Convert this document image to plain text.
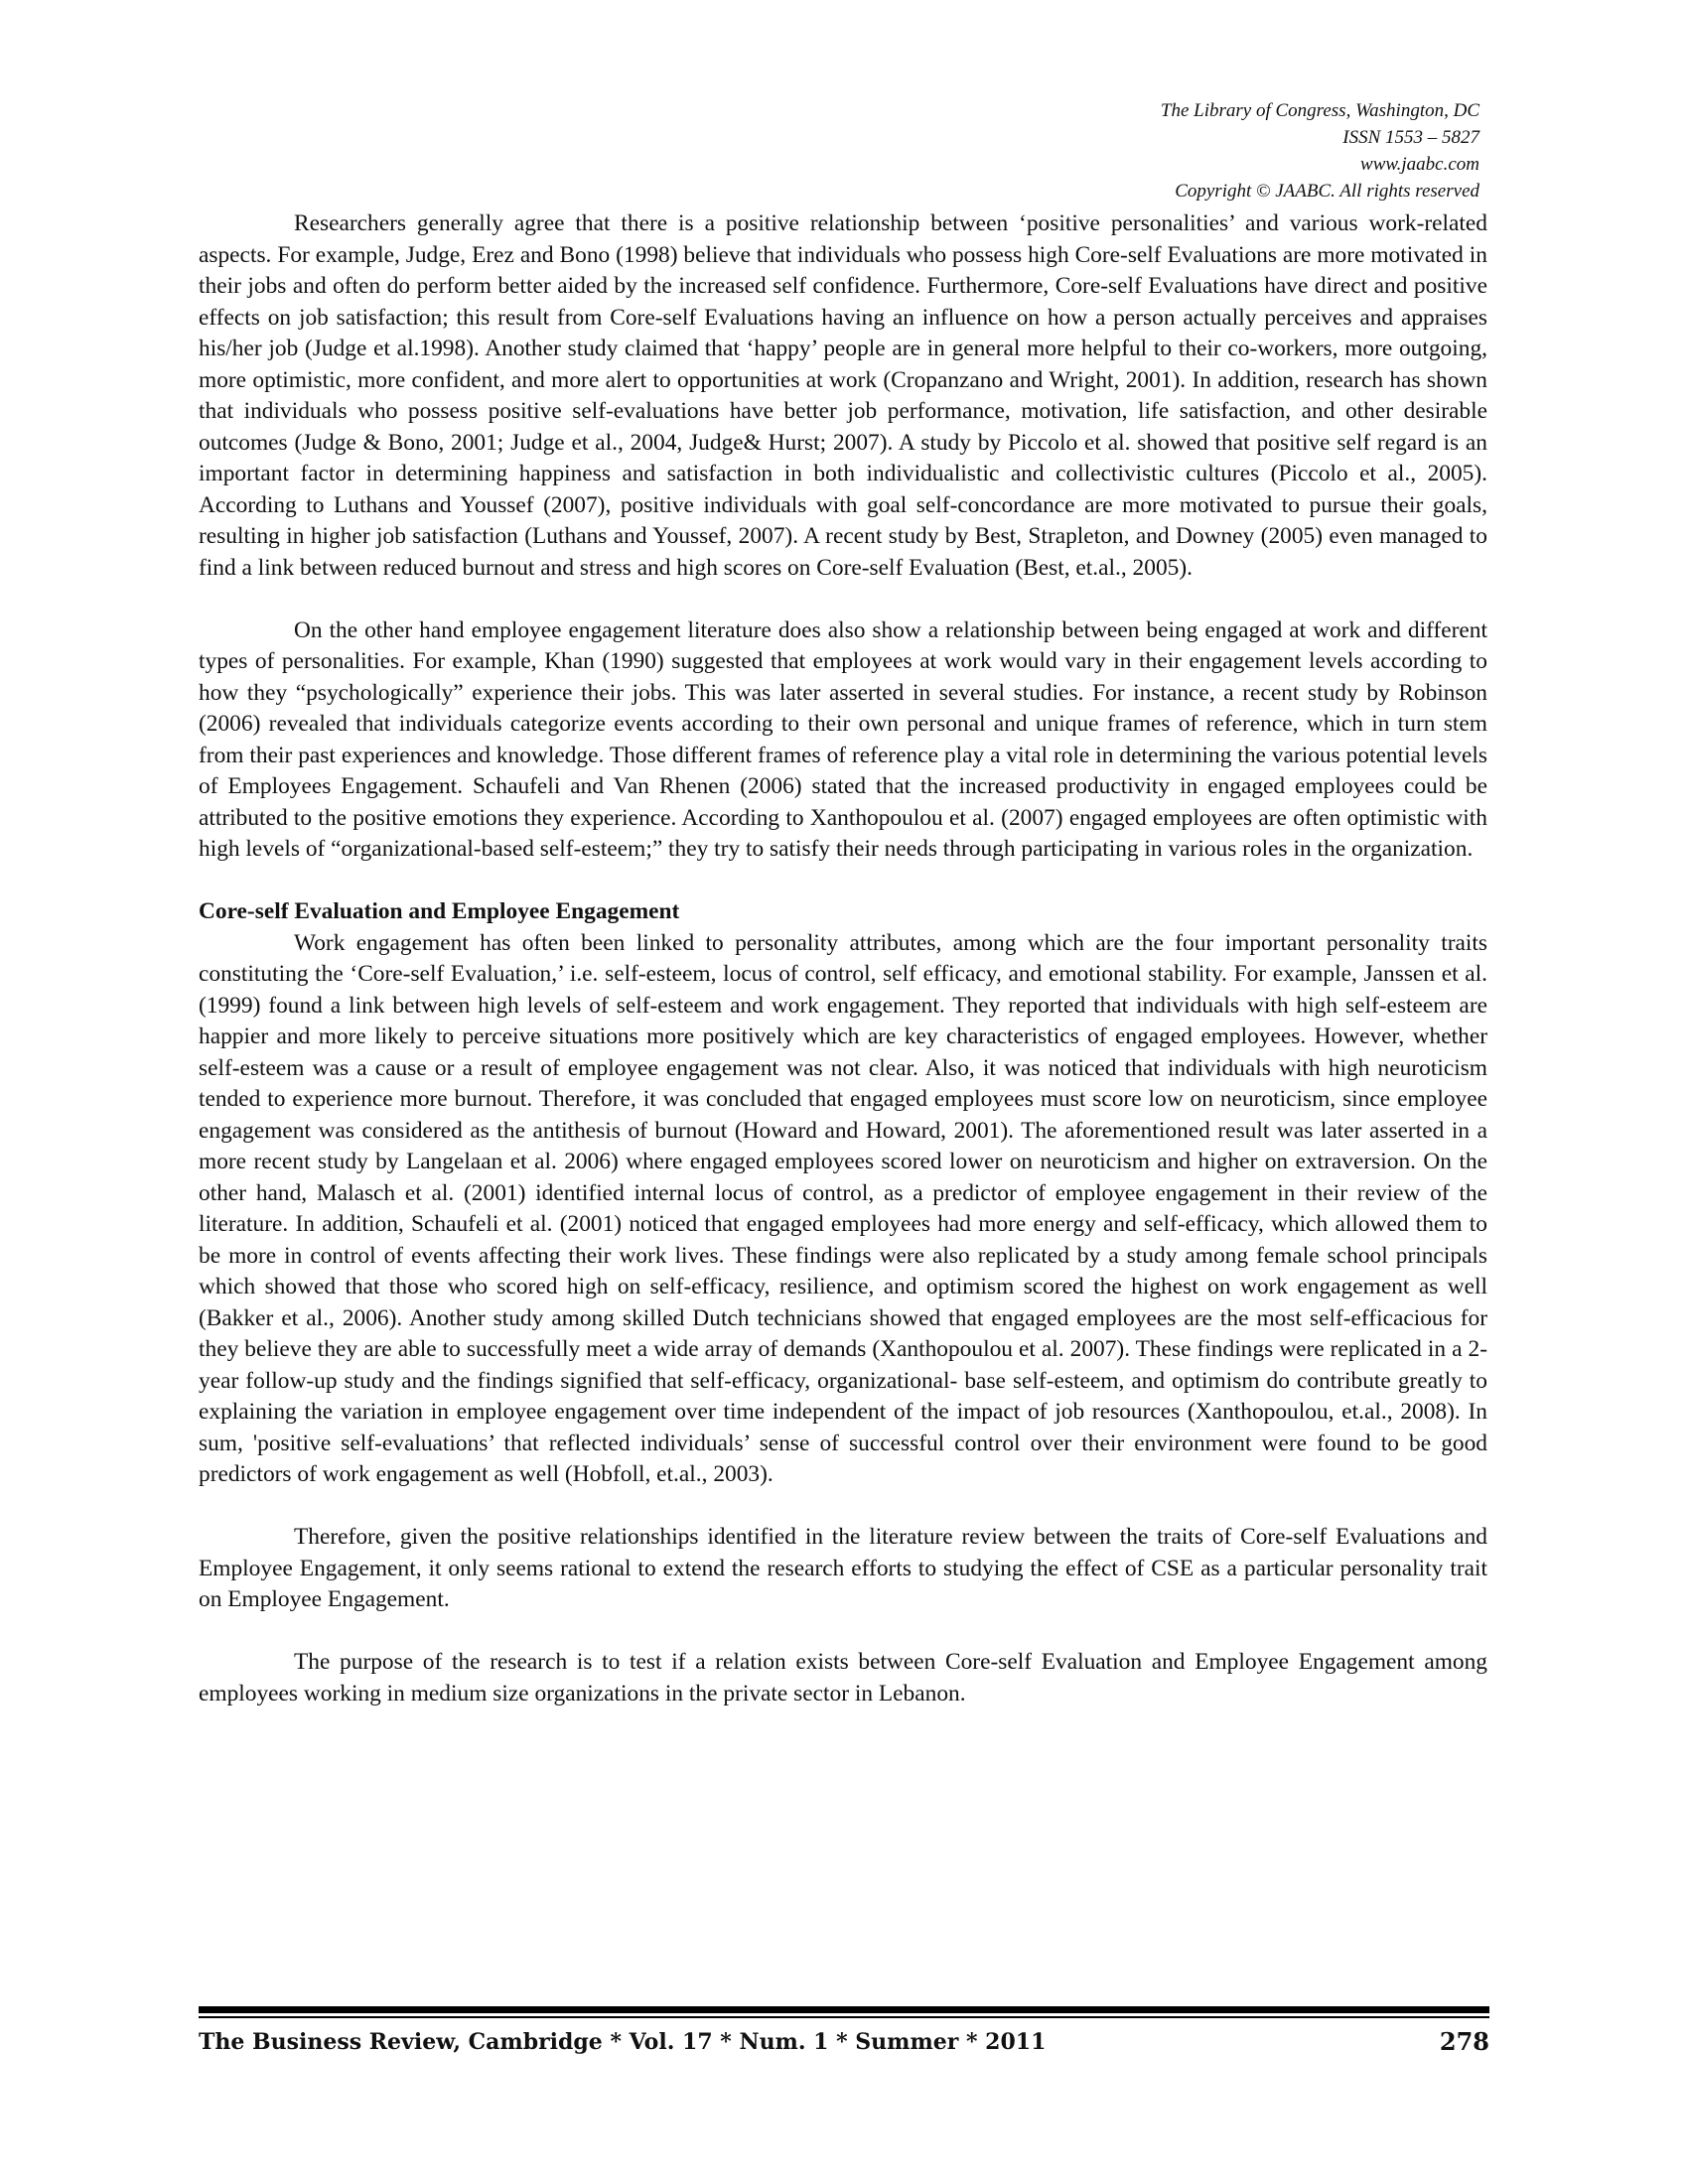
The Library of Congress, Washington, DC
ISSN 1553 – 5827
www.jaabc.com
Copyright © JAABC. All rights reserved

Researchers generally agree that there is a positive relationship between ‘positive personalities’ and various work-related aspects. For example, Judge, Erez and Bono (1998) believe that individuals who possess high Core-self Evaluations are more motivated in their jobs and often do perform better aided by the increased self confidence. Furthermore, Core-self Evaluations have direct and positive effects on job satisfaction; this result from Core-self Evaluations having an influence on how a person actually perceives and appraises his/her job (Judge et al.1998). Another study claimed that ‘happy’ people are in general more helpful to their co-workers, more outgoing, more optimistic, more confident, and more alert to opportunities at work (Cropanzano and Wright, 2001). In addition, research has shown that individuals who possess positive self-evaluations have better job performance, motivation, life satisfaction, and other desirable outcomes (Judge & Bono, 2001; Judge et al., 2004, Judge& Hurst; 2007). A study by Piccolo et al. showed that positive self regard is an important factor in determining happiness and satisfaction in both individualistic and collectivistic cultures (Piccolo et al., 2005). According to Luthans and Youssef (2007), positive individuals with goal self-concordance are more motivated to pursue their goals, resulting in higher job satisfaction (Luthans and Youssef, 2007). A recent study by Best, Strapleton, and Downey (2005) even managed to find a link between reduced burnout and stress and high scores on Core-self Evaluation (Best, et.al., 2005).

On the other hand employee engagement literature does also show a relationship between being engaged at work and different types of personalities. For example, Khan (1990) suggested that employees at work would vary in their engagement levels according to how they “psychologically” experience their jobs. This was later asserted in several studies. For instance, a recent study by Robinson (2006) revealed that individuals categorize events according to their own personal and unique frames of reference, which in turn stem from their past experiences and knowledge. Those different frames of reference play a vital role in determining the various potential levels of Employees Engagement. Schaufeli and Van Rhenen (2006) stated that the increased productivity in engaged employees could be attributed to the positive emotions they experience. According to Xanthopoulou et al. (2007) engaged employees are often optimistic with high levels of “organizational-based self-esteem;” they try to satisfy their needs through participating in various roles in the organization.

Core-self Evaluation and Employee Engagement

Work engagement has often been linked to personality attributes, among which are the four important personality traits constituting the ‘Core-self Evaluation,’ i.e. self-esteem, locus of control, self efficacy, and emotional stability. For example, Janssen et al. (1999) found a link between high levels of self-esteem and work engagement. They reported that individuals with high self-esteem are happier and more likely to perceive situations more positively which are key characteristics of engaged employees. However, whether self-esteem was a cause or a result of employee engagement was not clear. Also, it was noticed that individuals with high neuroticism tended to experience more burnout. Therefore, it was concluded that engaged employees must score low on neuroticism, since employee engagement was considered as the antithesis of burnout (Howard and Howard, 2001). The aforementioned result was later asserted in a more recent study by Langelaan et al. 2006) where engaged employees scored lower on neuroticism and higher on extraversion. On the other hand, Malasch et al. (2001) identified internal locus of control, as a predictor of employee engagement in their review of the literature. In addition, Schaufeli et al. (2001) noticed that engaged employees had more energy and self-efficacy, which allowed them to be more in control of events affecting their work lives. These findings were also replicated by a study among female school principals which showed that those who scored high on self-efficacy, resilience, and optimism scored the highest on work engagement as well (Bakker et al., 2006). Another study among skilled Dutch technicians showed that engaged employees are the most self-efficacious for they believe they are able to successfully meet a wide array of demands (Xanthopoulou et al. 2007). These findings were replicated in a 2-year follow-up study and the findings signified that self-efficacy, organizational- base self-esteem, and optimism do contribute greatly to explaining the variation in employee engagement over time independent of the impact of job resources (Xanthopoulou, et.al., 2008). In sum, 'positive self-evaluations’ that reflected individuals’ sense of successful control over their environment were found to be good predictors of work engagement as well (Hobfoll, et.al., 2003).

Therefore, given the positive relationships identified in the literature review between the traits of Core-self Evaluations and Employee Engagement, it only seems rational to extend the research efforts to studying the effect of CSE as a particular personality trait on Employee Engagement.

The purpose of the research is to test if a relation exists between Core-self Evaluation and Employee Engagement among employees working in medium size organizations in the private sector in Lebanon.

The Business Review, Cambridge * Vol. 17 * Num. 1 * Summer * 2011	278
